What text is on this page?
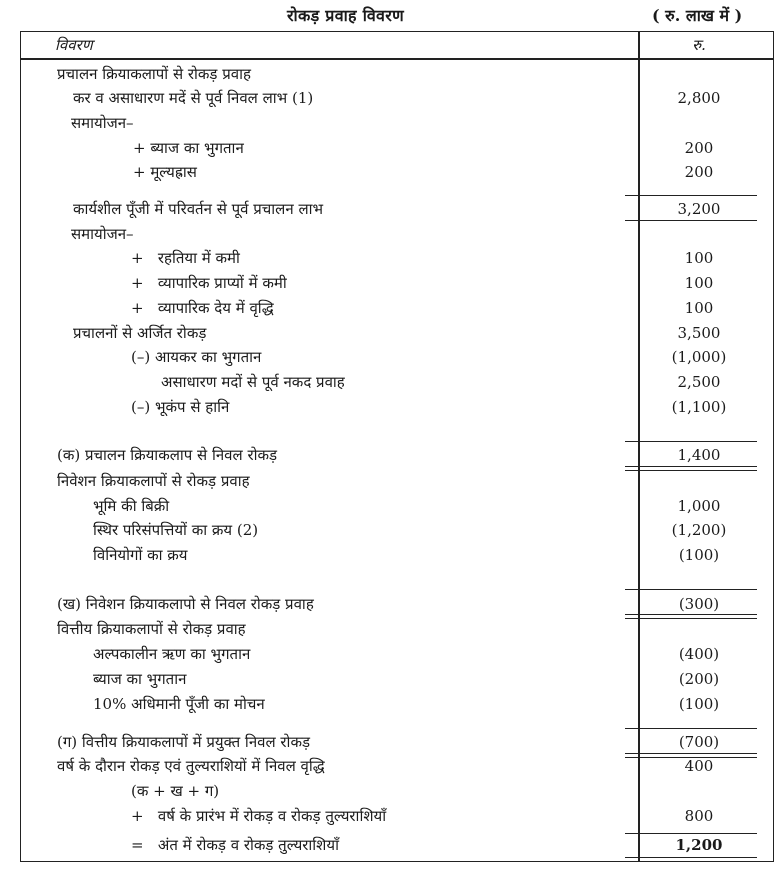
रोकड़ प्रवाह विवरण	( रु. लाख में )
विवरण	रु.
प्रचालन क्रियाकलापों से रोकड़ प्रवाह
कर व असाधारण मदें से पूर्व निवल लाभ (1)	2,800
समायोजन–
+ ब्याज का भुगतान	200
+ मूल्यह्रास	200
कार्यशील पूँजी में परिवर्तन से पूर्व प्रचालन लाभ	3,200
समायोजन–
+   रहतिया में कमी	100
+   व्यापारिक प्राप्यों में कमी	100
+   व्यापारिक देय में वृद्धि	100
प्रचालनों से अर्जित रोकड़	3,500
(–) आयकर का भुगतान	(1,000)
असाधारण मदों से पूर्व नकद प्रवाह	2,500
(–) भूकंप से हानि	(1,100)
(क) प्रचालन क्रियाकलाप से निवल रोकड़	1,400
निवेशन क्रियाकलापों से रोकड़ प्रवाह
भूमि की बिक्री	1,000
स्थिर परिसंपत्तियों का क्रय (2)	(1,200)
विनियोगों का क्रय	(100)
(ख) निवेशन क्रियाकलापो से निवल रोकड़ प्रवाह	(300)
वित्तीय क्रियाकलापों से रोकड़ प्रवाह
अल्पकालीन ऋण का भुगतान	(400)
ब्याज का भुगतान	(200)
10% अधिमानी पूँजी का मोचन	(100)
(ग) वित्तीय क्रियाकलापों में प्रयुक्त निवल रोकड़	(700)
वर्ष के दौरान रोकड़ एवं तुल्यराशियों में निवल वृद्धि	400
(क + ख + ग)
+   वर्ष के प्रारंभ में रोकड़ व रोकड़ तुल्यराशियाँ	800
=   अंत में रोकड़ व रोकड़ तुल्यराशियाँ	1,200
